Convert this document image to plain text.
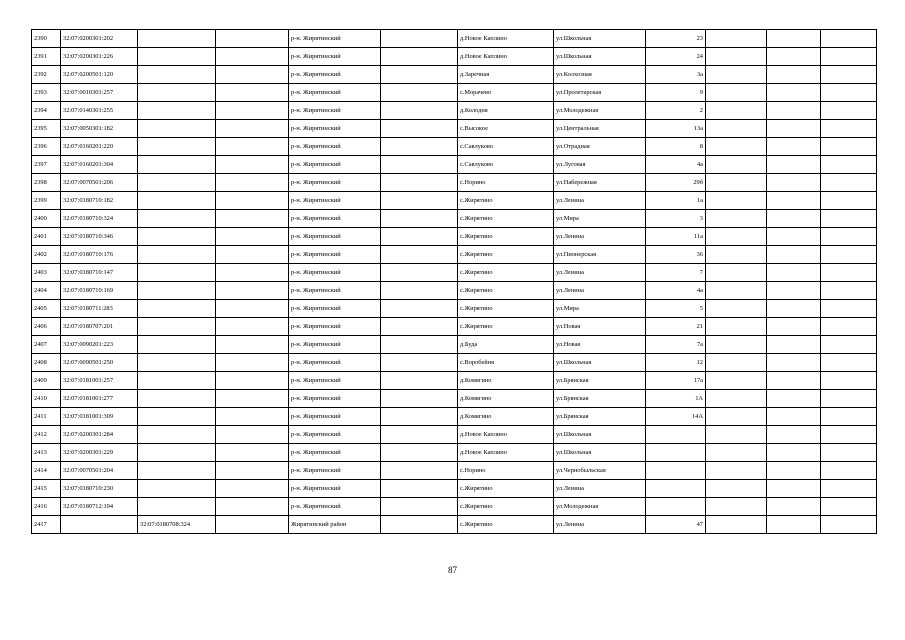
2390	32:07:0200301:202			р-н. Жирятинский		д.Новое Каплино	ул.Школьная	23			
2391	32:07:0200301:226			р-н. Жирятинский		д.Новое Каплино	ул.Школьная	24			
2392	32:07:0200501:120			р-н. Жирятинский		д.Заречная	ул.Колхозная	3а			
2393	32:07:0010301:257			р-н. Жирятинский		с.Морачево	ул.Пролетарская	9			
2394	32:07:0140301:255			р-н. Жирятинский		д.Колодня	ул.Молодежная	2			
2395	32:07:0050301:182			р-н. Жирятинский		с.Высокое	ул.Центральная	13а			
2396	32:07:0160201:220			р-н. Жирятинский		с.Савлуково	ул.Отрадная	8			
2397	32:07:0160201:304			р-н. Жирятинский		с.Савлуково	ул.Луговая	4а			
2398	32:07:0070501:206			р-н. Жирятинский		с.Норино	ул.Набережная	29б			
2399	32:07:0180710:182			р-н. Жирятинский		с.Жирятино	ул.Ленина	1а			
2400	32:07:0180710:324			р-н. Жирятинский		с.Жирятино	ул.Мира	3			
2401	32:07:0180710:346			р-н. Жирятинский		с.Жирятино	ул.Ленина	11а			
2402	32:07:0180710:176			р-н. Жирятинский		с.Жирятино	ул.Пионерская	36			
2403	32:07:0180710:147			р-н. Жирятинский		с.Жирятино	ул.Ленина	7			
2404	32:07:0180710:169			р-н. Жирятинский		с.Жирятино	ул.Ленина	4а			
2405	32:07:0180711:283			р-н. Жирятинский		с.Жирятино	ул.Мира	5			
2406	32:07:0180707:201			р-н. Жирятинский		с.Жирятино	ул.Новая	21			
2407	32:07:0090201:223			р-н. Жирятинский		д.Буда	ул.Новая	7а			
2408	32:07:0090501:250			р-н. Жирятинский		с.Воробейня	ул.Школьная	12			
2409	32:07:0181001:257			р-н. Жирятинский		д.Комягино	ул.Брянская	17а			
2410	32:07:0181001:277			р-н. Жирятинский		д.Комягино	ул.Брянская	1А			
2411	32:07:0181001:309			р-н. Жирятинский		д.Комягино	ул.Брянская	14А			
2412	32:07:0200301:284			р-н. Жирятинский		д.Новое Каплино	ул.Школьная				
2413	32:07:0200301:229			р-н. Жирятинский		д.Новое Каплино	ул.Школьная				
2414	32:07:0070501:204			р-н. Жирятинский		с.Норино	ул.Чернобыльская				
2415	32:07:0180710:230			р-н. Жирятинский		с.Жирятино	ул.Ленина				
2416	32:07:0180712:194			р-н. Жирятинский		с.Жирятино	ул.Молодежная				
2417		32:07:0180708:324		Жирятинский район		с.Жирятино	ул.Ленина	47			
87
